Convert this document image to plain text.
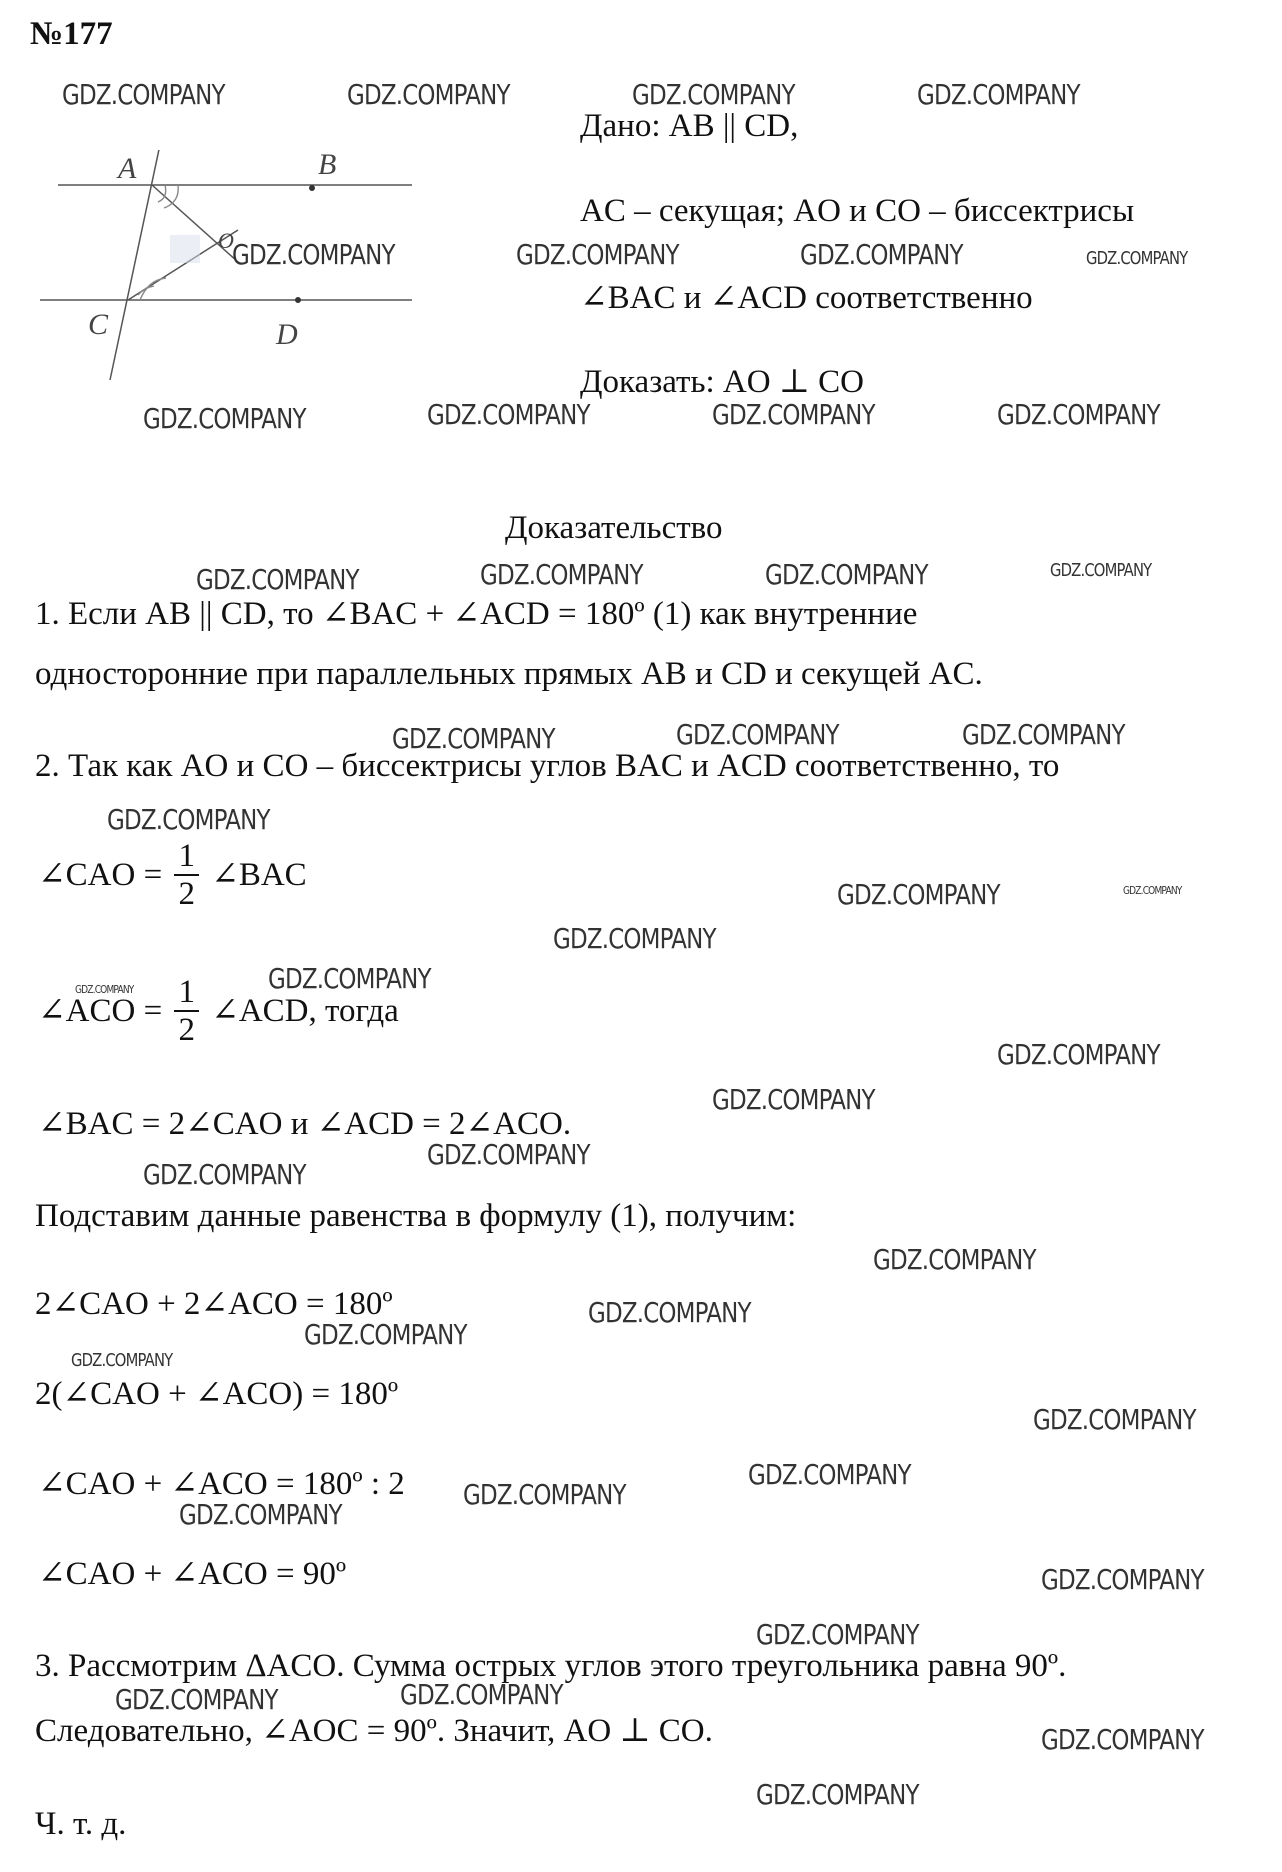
№177
A	B
C	D
O
Дано: AB || CD,
AC – секущая; AO и CO – биссектрисы
∠BAC и ∠ACD соответственно
Доказать: AO ⊥ CO
Доказательство
1. Если AB || CD, то ∠BAC + ∠ACD = 180º (1) как внутренние
односторонние при параллельных прямых AB и CD и секущей AC.
2. Так как AO и CO – биссектрисы углов BAC и ACD соответственно, то
∠CAO = $\frac{1}{2}$ ∠BAC
∠ACO = $\frac{1}{2}$ ∠ACD, тогда
∠BAC = 2∠CAO и ∠ACD = 2∠ACO.
Подставим данные равенства в формулу (1), получим:
2∠CAO + 2∠ACO = 180º
2(∠CAO + ∠ACO) = 180º
∠CAO + ∠ACO = 180º : 2
∠CAO + ∠ACO = 90º
3. Рассмотрим ΔACO. Сумма острых углов этого треугольника равна 90º.
Следовательно, ∠AOC = 90º. Значит, AO ⊥ CO.
Ч. т. д.
GDZ.COMPANY	GDZ.COMPANY	GDZ.COMPANY	GDZ.COMPANY
GDZ.COMPANY	GDZ.COMPANY	GDZ.COMPANY	GDZ.COMPANY
GDZ.COMPANY	GDZ.COMPANY	GDZ.COMPANY	GDZ.COMPANY
GDZ.COMPANY	GDZ.COMPANY	GDZ.COMPANY	GDZ.COMPANY
GDZ.COMPANY	GDZ.COMPANY	GDZ.COMPANY
GDZ.COMPANY
GDZ.COMPANY	GDZ.COMPANY
GDZ.COMPANY
GDZ.COMPANY
GDZ.COMPANY
GDZ.COMPANY
GDZ.COMPANY
GDZ.COMPANY
GDZ.COMPANY
GDZ.COMPANY
GDZ.COMPANY
GDZ.COMPANY
GDZ.COMPANY
GDZ.COMPANY
GDZ.COMPANY
GDZ.COMPANY
GDZ.COMPANY
GDZ.COMPANY
GDZ.COMPANY
GDZ.COMPANY
GDZ.COMPANY
GDZ.COMPANY
GDZ.COMPANY
